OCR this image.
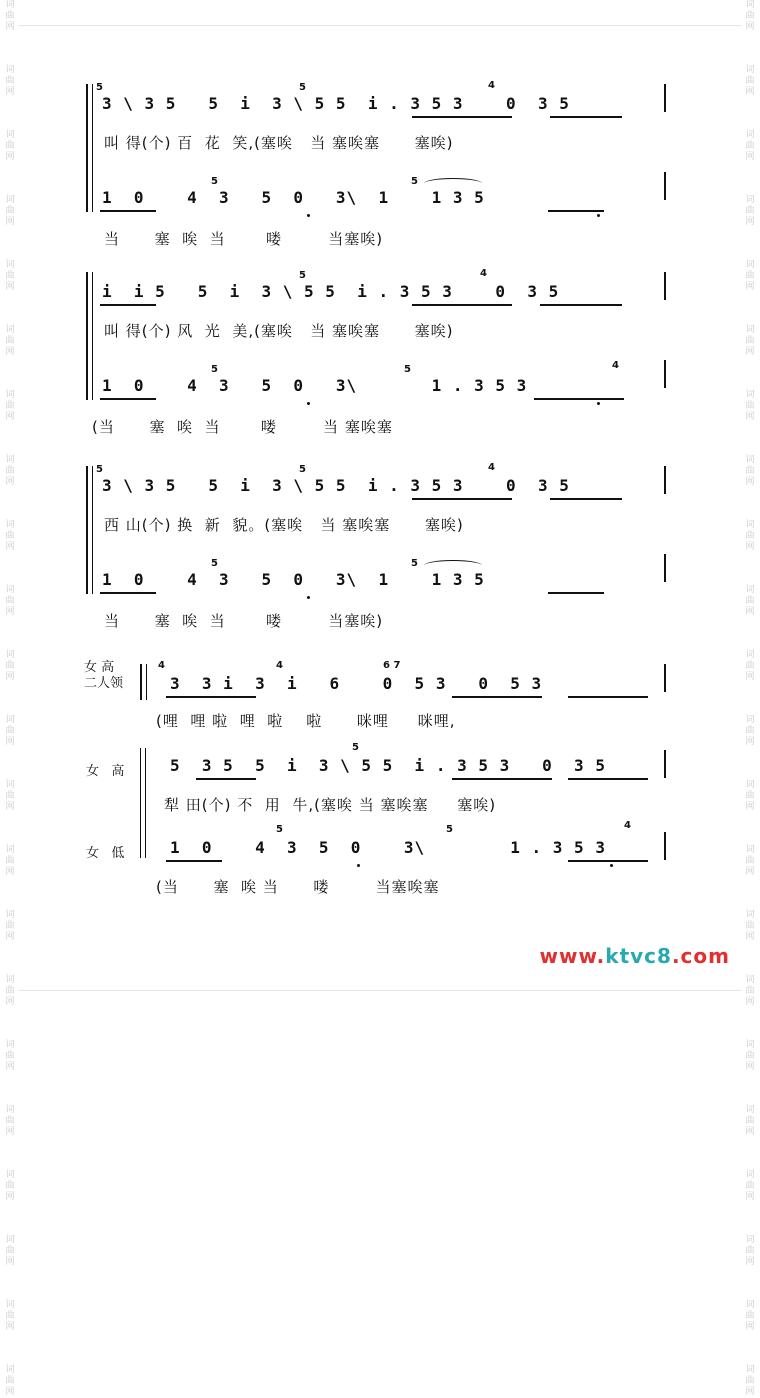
词曲网
词曲网
词曲网
词曲网
词曲网
词曲网
词曲网
词曲网
词曲网
词曲网
词曲网
词曲网
词曲网
词曲网
词曲网
词曲网
词曲网
词曲网
词曲网
词曲网
词曲网
词曲网
词曲网
词曲网
词曲网
词曲网
词曲网
词曲网
词曲网
词曲网
词曲网
词曲网
词曲网
词曲网
词曲网
词曲网
词曲网
词曲网
词曲网
词曲网
词曲网
词曲网
词曲网
词曲网
5	5	4
3 \ 3 5   5  i  3 \ 5 5  i . 3 5 3    0  3 5
叫 得(个) 百  花  笑,(塞唉   当 塞唉塞      塞唉)
5	5
1  0    4  3   5  0   3\  1    1 3 5
当      塞  唉  当       喽        当塞唉)
5	4
i  i 5   5  i  3 \ 5 5  i . 3 5 3    0  3 5
叫 得(个) 风  光  美,(塞唉   当 塞唉塞      塞唉)
5	5	4
1  0    4  3   5  0   3\       1 . 3 5 3
(当      塞  唉  当       喽        当 塞唉塞
5	5	4
3 \ 3 5   5  i  3 \ 5 5  i . 3 5 3    0  3 5
西 山(个) 换  新  貌。(塞唉   当 塞唉塞      塞唉)
5	5
1  0    4  3   5  0   3\  1    1 3 5
当      塞  唉  当       喽        当塞唉)
女 高
二人领
4	4	6 7
3  3 i  3  i   6    0  5 3   0  5 3
(哩  哩 啦  哩  啦    啦      咪哩     咪哩,
女   高
5
5  3 5  5  i  3 \ 5 5  i . 3 5 3   0  3 5
犁 田(个) 不  用  牛,(塞唉 当 塞唉塞     塞唉)
女   低
5	5	4
1  0    4  3  5  0    3\        1 . 3 5 3
(当      塞  唉 当      喽        当塞唉塞
www.ktvc8.com
